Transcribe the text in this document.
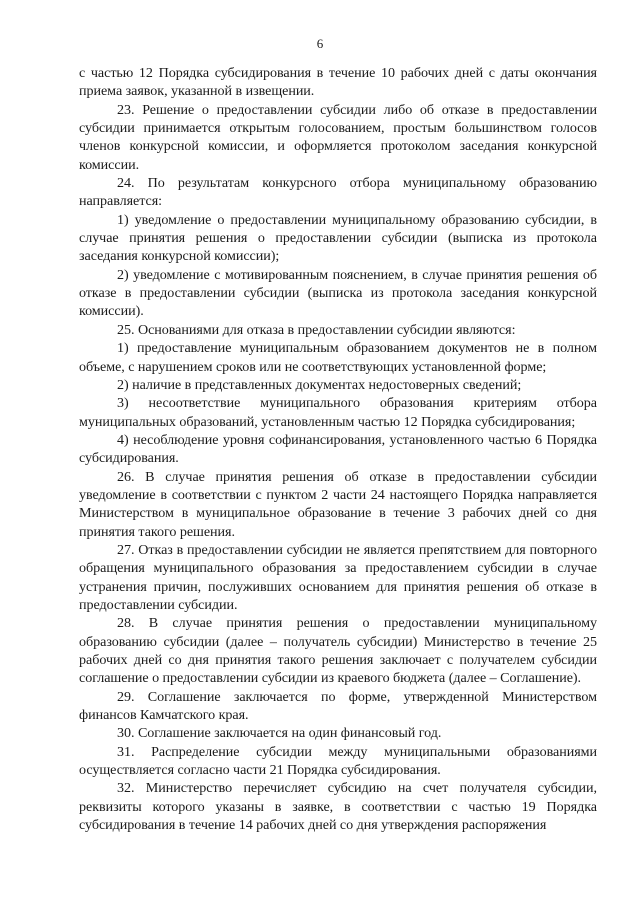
6

с частью 12 Порядка субсидирования в течение 10 рабочих дней с даты окончания приема заявок, указанной в извещении.

23. Решение о предоставлении субсидии либо об отказе в предоставлении субсидии принимается открытым голосованием, простым большинством голосов членов конкурсной комиссии, и оформляется протоколом заседания конкурсной комиссии.

24. По результатам конкурсного отбора муниципальному образованию направляется:

1) уведомление о предоставлении муниципальному образованию субсидии, в случае принятия решения о предоставлении субсидии (выписка из протокола заседания конкурсной комиссии);

2) уведомление с мотивированным пояснением, в случае принятия решения об отказе в предоставлении субсидии (выписка из протокола заседания конкурсной комиссии).

25. Основаниями для отказа в предоставлении субсидии являются:

1) предоставление муниципальным образованием документов не в полном объеме, с нарушением сроков или не соответствующих установленной форме;

2) наличие в представленных документах недостоверных сведений;

3) несоответствие муниципального образования критериям отбора муниципальных образований, установленным частью 12 Порядка субсидирования;

4) несоблюдение уровня софинансирования, установленного частью 6 Порядка субсидирования.

26. В случае принятия решения об отказе в предоставлении субсидии уведомление в соответствии с пунктом 2 части 24 настоящего Порядка направляется Министерством в муниципальное образование в течение 3 рабочих дней со дня принятия такого решения.

27. Отказ в предоставлении субсидии не является препятствием для повторного обращения муниципального образования за предоставлением субсидии в случае устранения причин, послуживших основанием для принятия решения об отказе в предоставлении субсидии.

28. В случае принятия решения о предоставлении муниципальному образованию субсидии (далее – получатель субсидии) Министерство в течение 25 рабочих дней со дня принятия такого решения заключает с получателем субсидии соглашение о предоставлении субсидии из краевого бюджета (далее – Соглашение).

29. Соглашение заключается по форме, утвержденной Министерством финансов Камчатского края.

30. Соглашение заключается на один финансовый год.

31. Распределение субсидии между муниципальными образованиями осуществляется согласно части 21 Порядка субсидирования.

32. Министерство перечисляет субсидию на счет получателя субсидии, реквизиты которого указаны в заявке, в соответствии с частью 19 Порядка субсидирования в течение 14 рабочих дней со дня утверждения распоряжения
